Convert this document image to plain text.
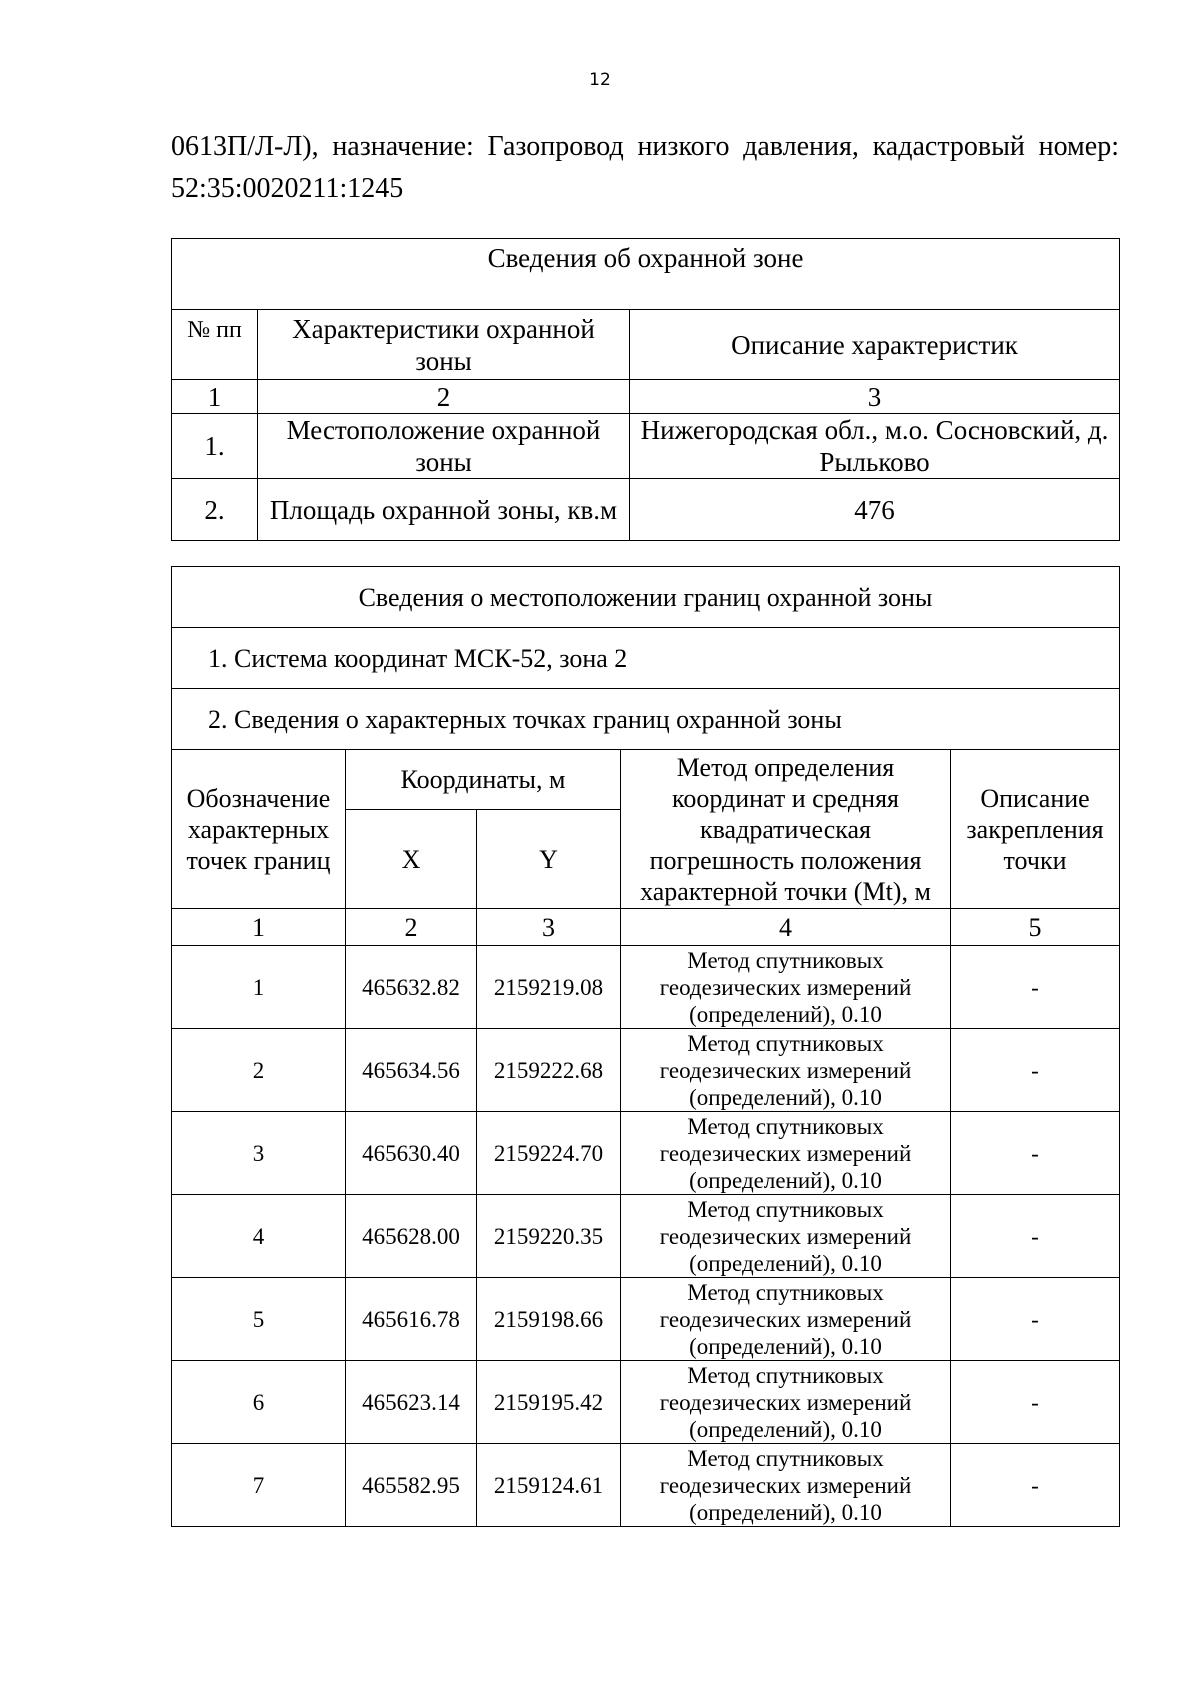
12

0613П/Л-Л), назначение: Газопровод низкого давления, кадастровый номер: 52:35:0020211:1245

Сведения об охранной зоне		
№ пп	Характеристики охранной зоны	Описание характеристик
1	2	3
1.	Местоположение охранной зоны	Нижегородская обл., м.о. Сосновский, д. Рыльково
2.	Площадь охранной зоны, кв.м	476
Сведения о местоположении границ охранной зоны				
1. Система координат МСК-52, зона 2				
2. Сведения о характерных точках границ охранной зоны				
Обозначение характерных точек границ	Координаты, м		Метод определения координат и средняя квадратическая погрешность положения характерной точки (Mt), м	Описание закрепления точки
	X	Y		
1	2	3	4	5
1	465632.82	2159219.08	Метод спутниковых геодезических измерений (определений), 0.10	-
2	465634.56	2159222.68	Метод спутниковых геодезических измерений (определений), 0.10	-
3	465630.40	2159224.70	Метод спутниковых геодезических измерений (определений), 0.10	-
4	465628.00	2159220.35	Метод спутниковых геодезических измерений (определений), 0.10	-
5	465616.78	2159198.66	Метод спутниковых геодезических измерений (определений), 0.10	-
6	465623.14	2159195.42	Метод спутниковых геодезических измерений (определений), 0.10	-
7	465582.95	2159124.61	Метод спутниковых геодезических измерений (определений), 0.10	-
